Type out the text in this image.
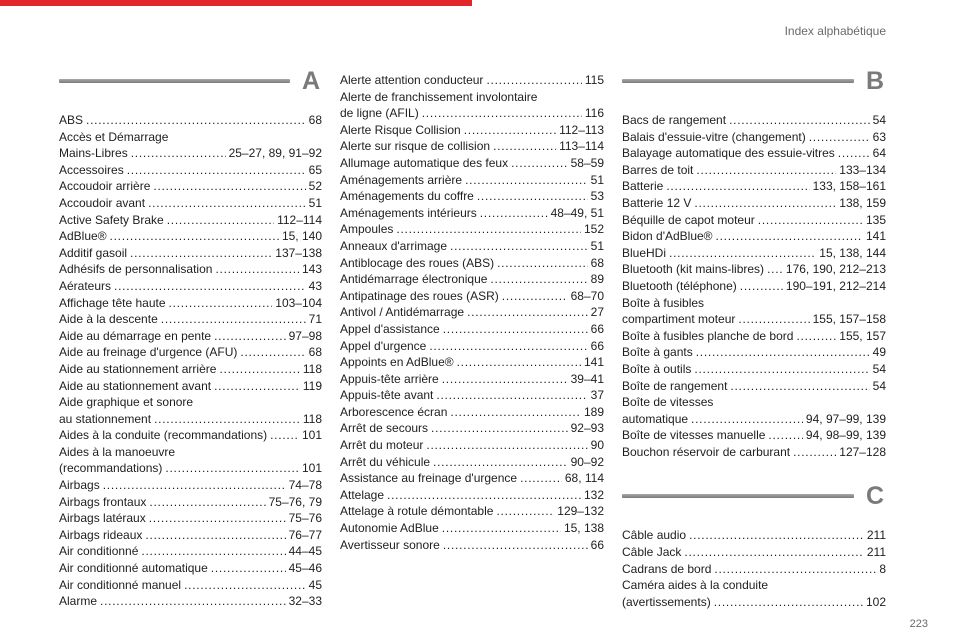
Index alphabétique
A
ABS . . .	68
Accès et Démarrage
Mains-Libres . . .	25–27, 89, 91–92
Accessoires . . .	65
Accoudoir arrière . . .	52
Accoudoir avant . . .	51
Active Safety Brake . . .	112–114
AdBlue® . . .	15, 140
Additif gasoil . . .	137–138
Adhésifs de personnalisation . . .	143
Aérateurs . . .	43
Affichage tête haute . . .	103–104
Aide à la descente . . .	71
Aide au démarrage en pente . . .	97–98
Aide au freinage d'urgence (AFU) . . .	68
Aide au stationnement arrière . . .	118
Aide au stationnement avant . . .	119
Aide graphique et sonore
au stationnement . . .	118
Aides à la conduite (recommandations) . . .	101
Aides à la manoeuvre
(recommandations) . . .	101
Airbags . . .	74–78
Airbags frontaux . . .	75–76, 79
Airbags latéraux . . .	75–76
Airbags rideaux . . .	76–77
Air conditionné . . .	44–45
Air conditionné automatique . . .	45–46
Air conditionné manuel . . .	45
Alarme . . .	32–33
Alerte attention conducteur . . .	115
Alerte de franchissement involontaire
de ligne (AFIL) . . .	116
Alerte Risque Collision . . .	112–113
Alerte sur risque de collision . . .	113–114
Allumage automatique des feux . . .	58–59
Aménagements arrière . . .	51
Aménagements du coffre . . .	53
Aménagements intérieurs . . .	48–49, 51
Ampoules . . .	152
Anneaux d'arrimage . . .	51
Antiblocage des roues (ABS) . . .	68
Antidémarrage électronique . . .	89
Antipatinage des roues (ASR) . . .	68–70
Antivol / Antidémarrage . . .	27
Appel d'assistance . . .	66
Appel d'urgence . . .	66
Appoints en AdBlue® . . .	141
Appuis-tête arrière . . .	39–41
Appuis-tête avant . . .	37
Arborescence écran . . .	189
Arrêt de secours . . .	92–93
Arrêt du moteur . . .	90
Arrêt du véhicule . . .	90–92
Assistance au freinage d'urgence . . .	68, 114
Attelage . . .	132
Attelage à rotule démontable . . .	129–132
Autonomie AdBlue . . .	15, 138
Avertisseur sonore . . .	66
B
Bacs de rangement . . .	54
Balais d'essuie-vitre (changement) . . .	63
Balayage automatique des essuie-vitres . . .	64
Barres de toit . . .	133–134
Batterie . . .	133, 158–161
Batterie 12 V . . .	138, 159
Béquille de capot moteur . . .	135
Bidon d'AdBlue® . . .	141
BlueHDi . . .	15, 138, 144
Bluetooth (kit mains-libres) . . . 176, 190, 212–213
Bluetooth (téléphone) . . .	190–191, 212–214
Boîte à fusibles
compartiment moteur . . .	155, 157–158
Boîte à fusibles planche de bord . . .	155, 157
Boîte à gants . . .	49
Boîte à outils . . .	54
Boîte de rangement . . .	54
Boîte de vitesses
automatique . . .	94, 97–99, 139
Boîte de vitesses manuelle . . .	94, 98–99, 139
Bouchon réservoir de carburant . . .	127–128
C
Câble audio . . .	211
Câble Jack . . .	211
Cadrans de bord . . .	8
Caméra aides à la conduite
(avertissements) . . .	102
223
